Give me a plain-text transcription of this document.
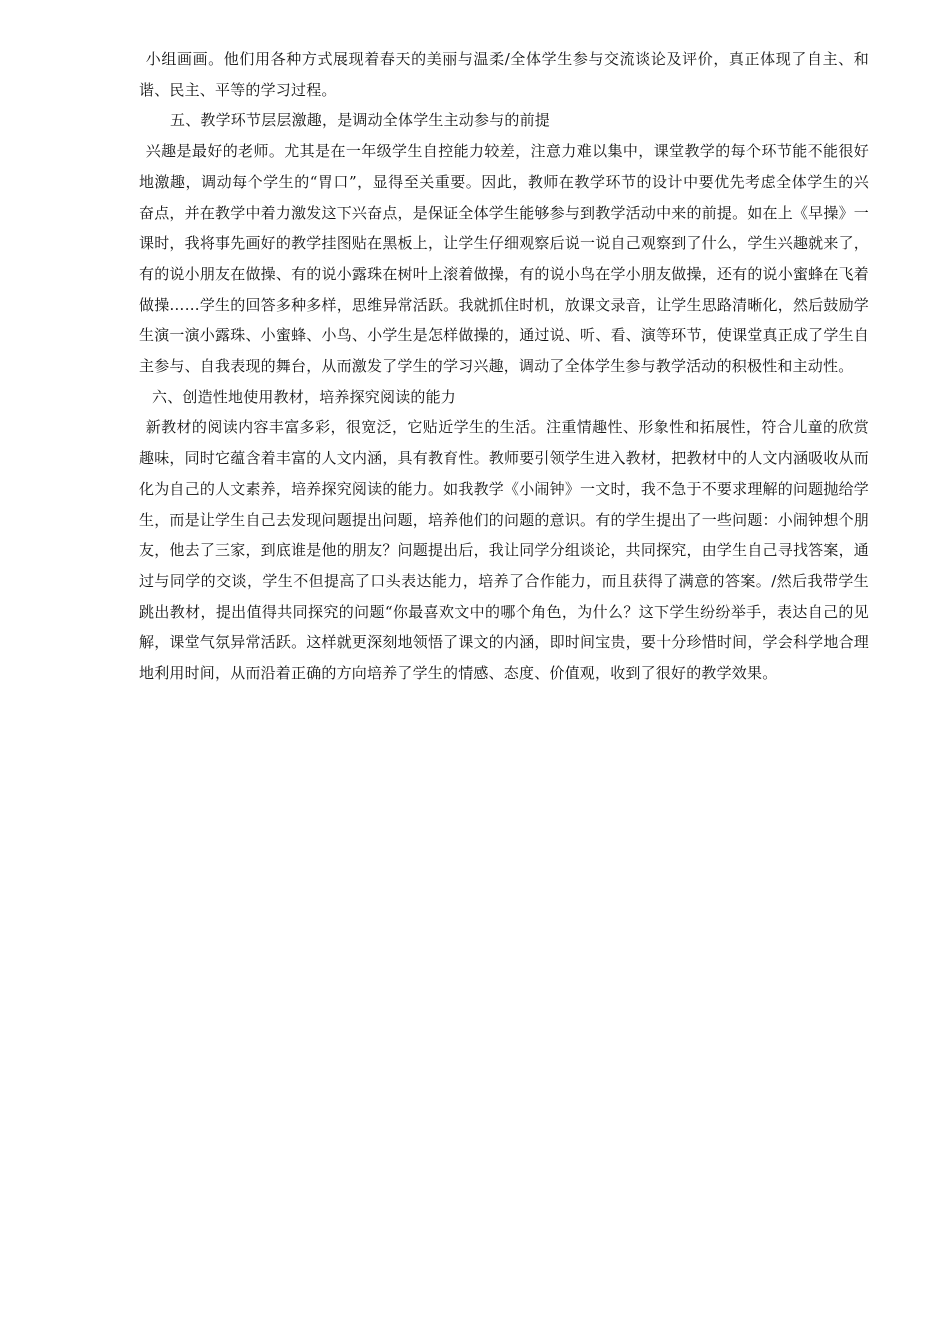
小组画画。他们用各种方式展现着春天的美丽与温柔/全体学生参与交流谈论及评价，真正体现了自主、和谐、民主、平等的学习过程。

五、教学环节层层激趣，是调动全体学生主动参与的前提

兴趣是最好的老师。尤其是在一年级学生自控能力较差，注意力难以集中，课堂教学的每个环节能不能很好地激趣，调动每个学生的“胃口”，显得至关重要。因此，教师在教学环节的设计中要优先考虑全体学生的兴奋点，并在教学中着力激发这下兴奋点，是保证全体学生能够参与到教学活动中来的前提。如在上《早操》一课时，我将事先画好的教学挂图贴在黑板上，让学生仔细观察后说一说自己观察到了什么，学生兴趣就来了，有的说小朋友在做操、有的说小露珠在树叶上滚着做操，有的说小鸟在学小朋友做操，还有的说小蜜蜂在飞着做操……学生的回答多种多样，思维异常活跃。我就抓住时机，放课文录音，让学生思路清晰化，然后鼓励学生演一演小露珠、小蜜蜂、小鸟、小学生是怎样做操的，通过说、听、看、演等环节，使课堂真正成了学生自主参与、自我表现的舞台，从而激发了学生的学习兴趣，调动了全体学生参与教学活动的积极性和主动性。

六、创造性地使用教材，培养探究阅读的能力

新教材的阅读内容丰富多彩，很宽泛，它贴近学生的生活。注重情趣性、形象性和拓展性，符合儿童的欣赏趣味，同时它蕴含着丰富的人文内涵，具有教育性。教师要引领学生进入教材，把教材中的人文内涵吸收从而化为自己的人文素养，培养探究阅读的能力。如我教学《小闹钟》一文时，我不急于不要求理解的问题抛给学生，而是让学生自己去发现问题提出问题，培养他们的问题的意识。有的学生提出了一些问题：小闹钟想个朋友，他去了三家，到底谁是他的朋友？问题提出后，我让同学分组谈论，共同探究，由学生自己寻找答案，通过与同学的交谈，学生不但提高了口头表达能力，培养了合作能力，而且获得了满意的答案。/然后我带学生跳出教材，提出值得共同探究的问题“你最喜欢文中的哪个角色，为什么？这下学生纷纷举手，表达自己的见解，课堂气氛异常活跃。这样就更深刻地领悟了课文的内涵，即时间宝贵，要十分珍惜时间，学会科学地合理地利用时间，从而沿着正确的方向培养了学生的情感、态度、价值观，收到了很好的教学效果。
